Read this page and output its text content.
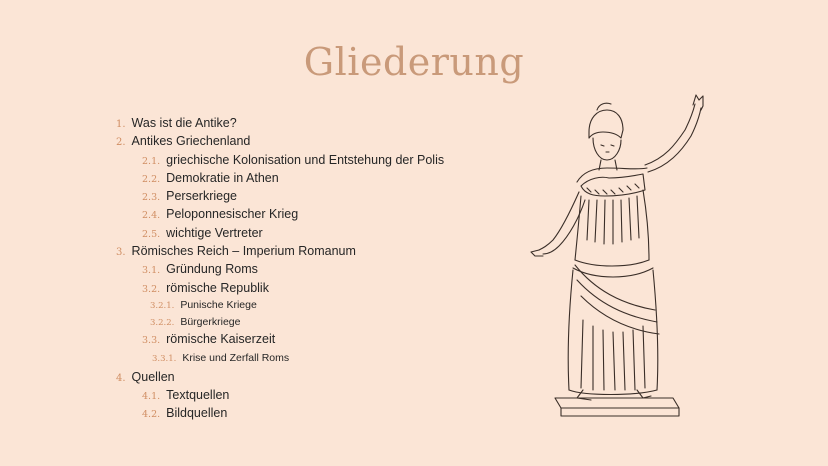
Gliederung
1. Was ist die Antike?
2. Antikes Griechenland
2.1. griechische Kolonisation und Entstehung der Polis
2.2. Demokratie in Athen
2.3. Perserkriege
2.4. Peloponnesischer Krieg
2.5. wichtige Vertreter
3. Römisches Reich – Imperium Romanum
3.1. Gründung Roms
3.2. römische Republik
3.2.1. Punische Kriege
3.2.2. Bürgerkriege
3.3. römische Kaiserzeit
3.3.1. Krise und Zerfall Roms
4. Quellen
4.1. Textquellen
4.2. Bildquellen
